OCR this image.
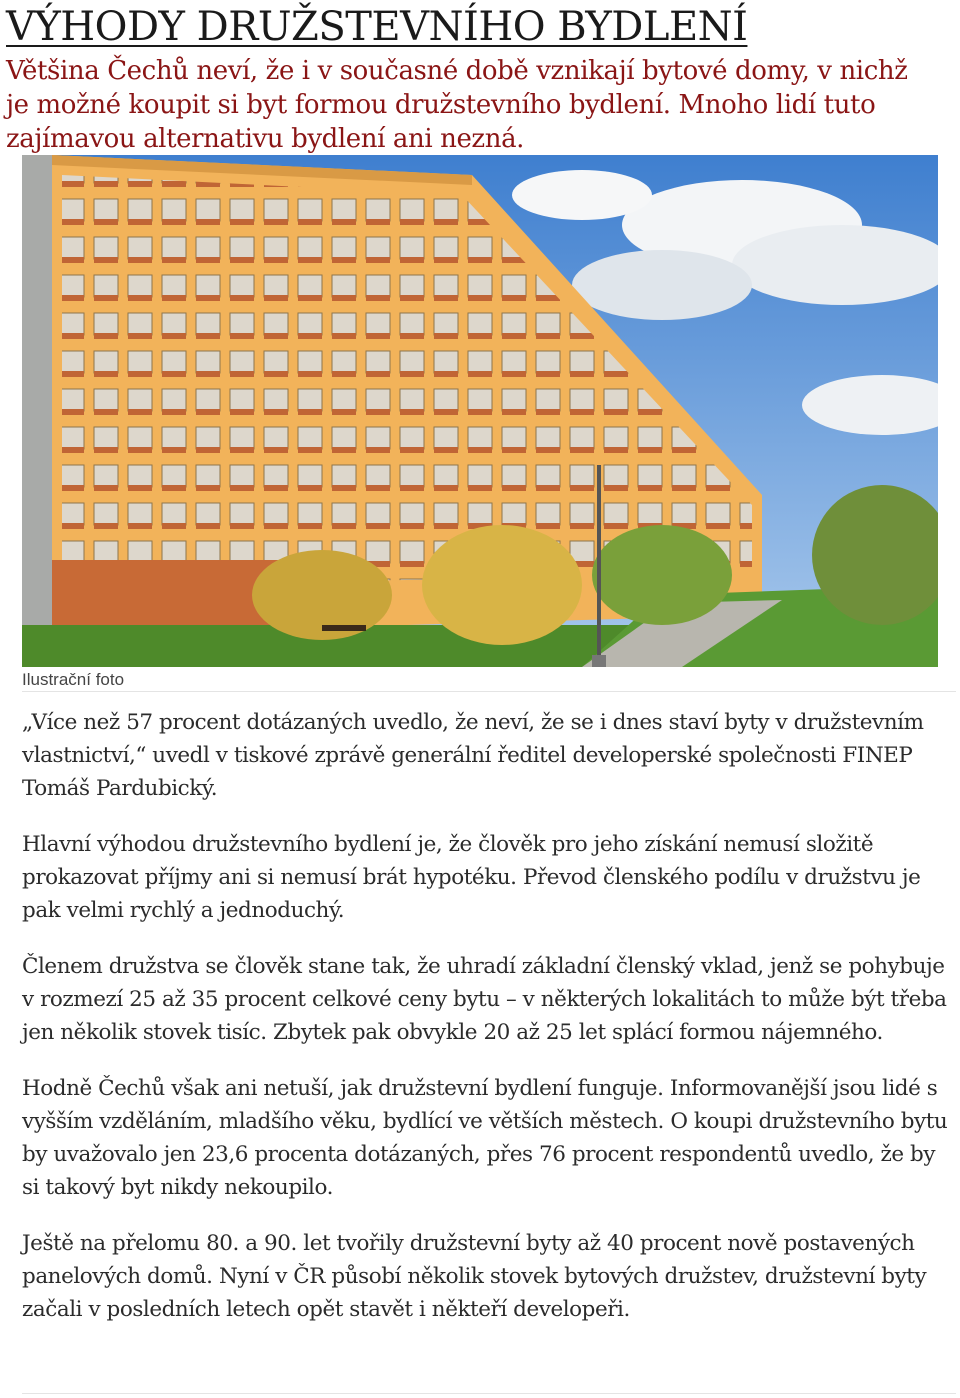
VÝHODY DRUŽSTEVNÍHO BYDLENÍ

Většina Čechů neví, že i v současné době vznikají bytové domy, v nichž je možné koupit si byt formou družstevního bydlení. Mnoho lidí tuto zajímavou alternativu bydlení ani nezná.

Ilustrační foto

„Více než 57 procent dotázaných uvedlo, že neví, že se i dnes staví byty v družstevním vlastnictví,“ uvedl v tiskové zprávě generální ředitel developerské společnosti FINEP Tomáš Pardubický.

Hlavní výhodou družstevního bydlení je, že člověk pro jeho získání nemusí složitě prokazovat příjmy ani si nemusí brát hypotéku. Převod členského podílu v družstvu je pak velmi rychlý a jednoduchý.

Členem družstva se člověk stane tak, že uhradí základní členský vklad, jenž se pohybuje v rozmezí 25 až 35 procent celkové ceny bytu – v některých lokalitách to může být třeba jen několik stovek tisíc. Zbytek pak obvykle 20 až 25 let splácí formou nájemného.

Hodně Čechů však ani netuší, jak družstevní bydlení funguje. Informovanější jsou lidé s vyšším vzděláním, mladšího věku, bydlící ve větších městech. O koupi družstevního bytu by uvažovalo jen 23,6 procenta dotázaných, přes 76 procent respondentů uvedlo, že by si takový byt nikdy nekoupilo.

Ještě na přelomu 80. a 90. let tvořily družstevní byty až 40 procent nově postavených panelových domů. Nyní v ČR působí několik stovek bytových družstev, družstevní byty začali v posledních letech opět stavět i někteří developeři.
